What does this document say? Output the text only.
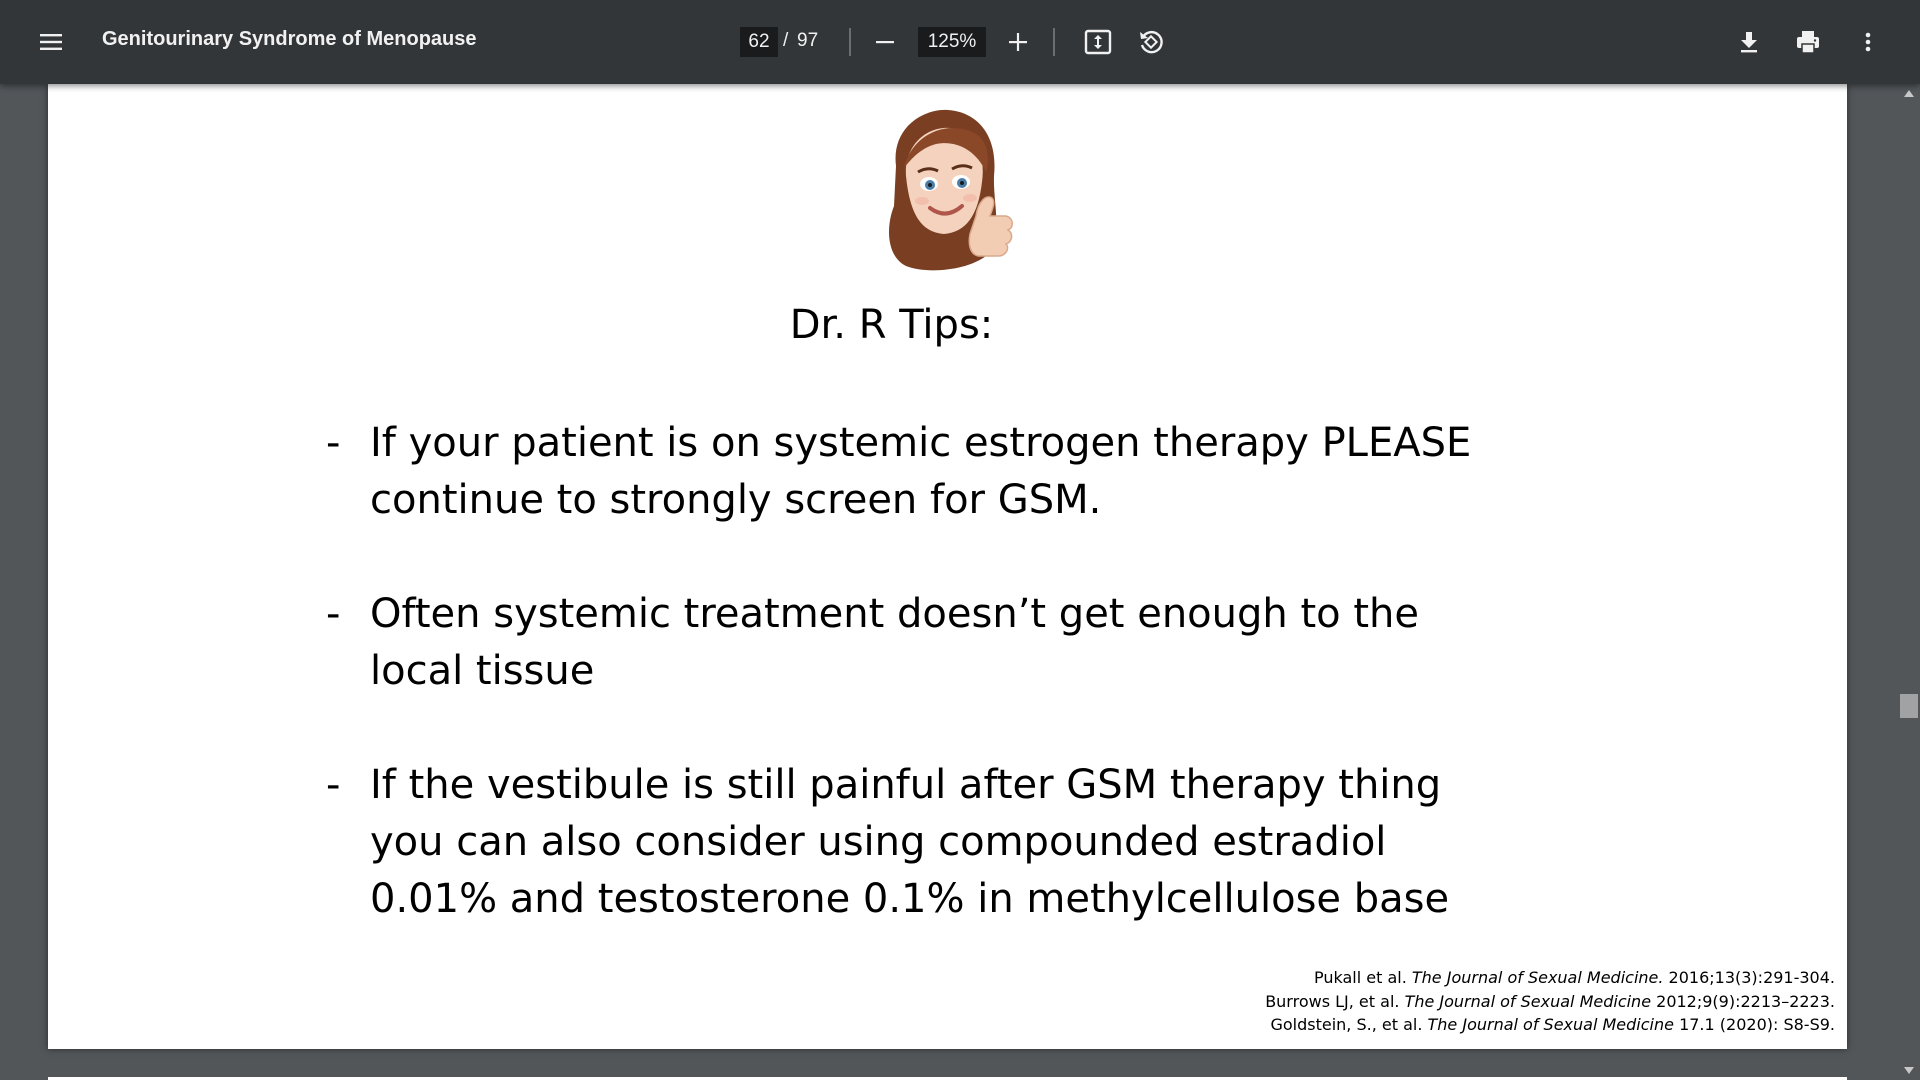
Genitourinary Syndrome of Menopause
62	/ 97
125%
Dr. R Tips:
- If your patient is on systemic estrogen therapy PLEASE
continue to strongly screen for GSM.
- Often systemic treatment doesn’t get enough to the
local tissue
- If the vestibule is still painful after GSM therapy thing
you can also consider using compounded estradiol
0.01% and testosterone 0.1% in methylcellulose base
Pukall et al. The Journal of Sexual Medicine. 2016;13(3):291-304.
Burrows LJ, et al. The Journal of Sexual Medicine 2012;9(9):2213–2223.
Goldstein, S., et al. The Journal of Sexual Medicine 17.1 (2020): S8-S9.
